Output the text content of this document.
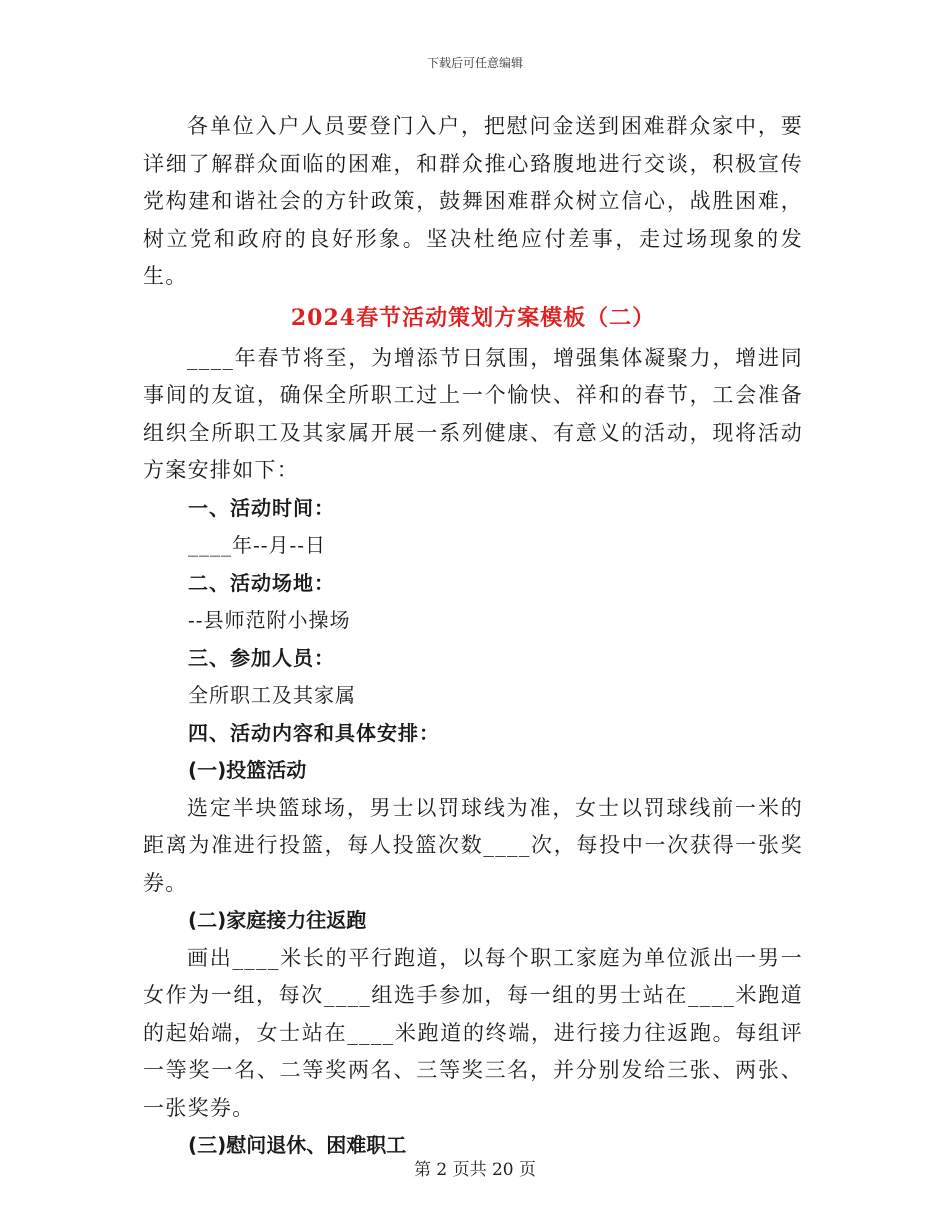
下载后可任意编辑

各单位入户人员要登门入户，把慰问金送到困难群众家中，要详细了解群众面临的困难，和群众推心臵腹地进行交谈，积极宣传党构建和谐社会的方针政策，鼓舞困难群众树立信心，战胜困难，树立党和政府的良好形象。坚决杜绝应付差事，走过场现象的发生。

2024春节活动策划方案模板（二）

____年春节将至，为增添节日氛围，增强集体凝聚力，增进同事间的友谊，确保全所职工过上一个愉快、祥和的春节，工会准备组织全所职工及其家属开展一系列健康、有意义的活动，现将活动方案安排如下：

一、活动时间：

____年--月--日

二、活动场地：

--县师范附小操场

三、参加人员：

全所职工及其家属

四、活动内容和具体安排：

(一)投篮活动

选定半块篮球场，男士以罚球线为准，女士以罚球线前一米的距离为准进行投篮，每人投篮次数____次，每投中一次获得一张奖券。

(二)家庭接力往返跑

画出____米长的平行跑道，以每个职工家庭为单位派出一男一女作为一组，每次____组选手参加，每一组的男士站在____米跑道的起始端，女士站在____米跑道的终端，进行接力往返跑。每组评一等奖一名、二等奖两名、三等奖三名，并分别发给三张、两张、一张奖券。

(三)慰问退休、困难职工

第 2 页共 20 页
